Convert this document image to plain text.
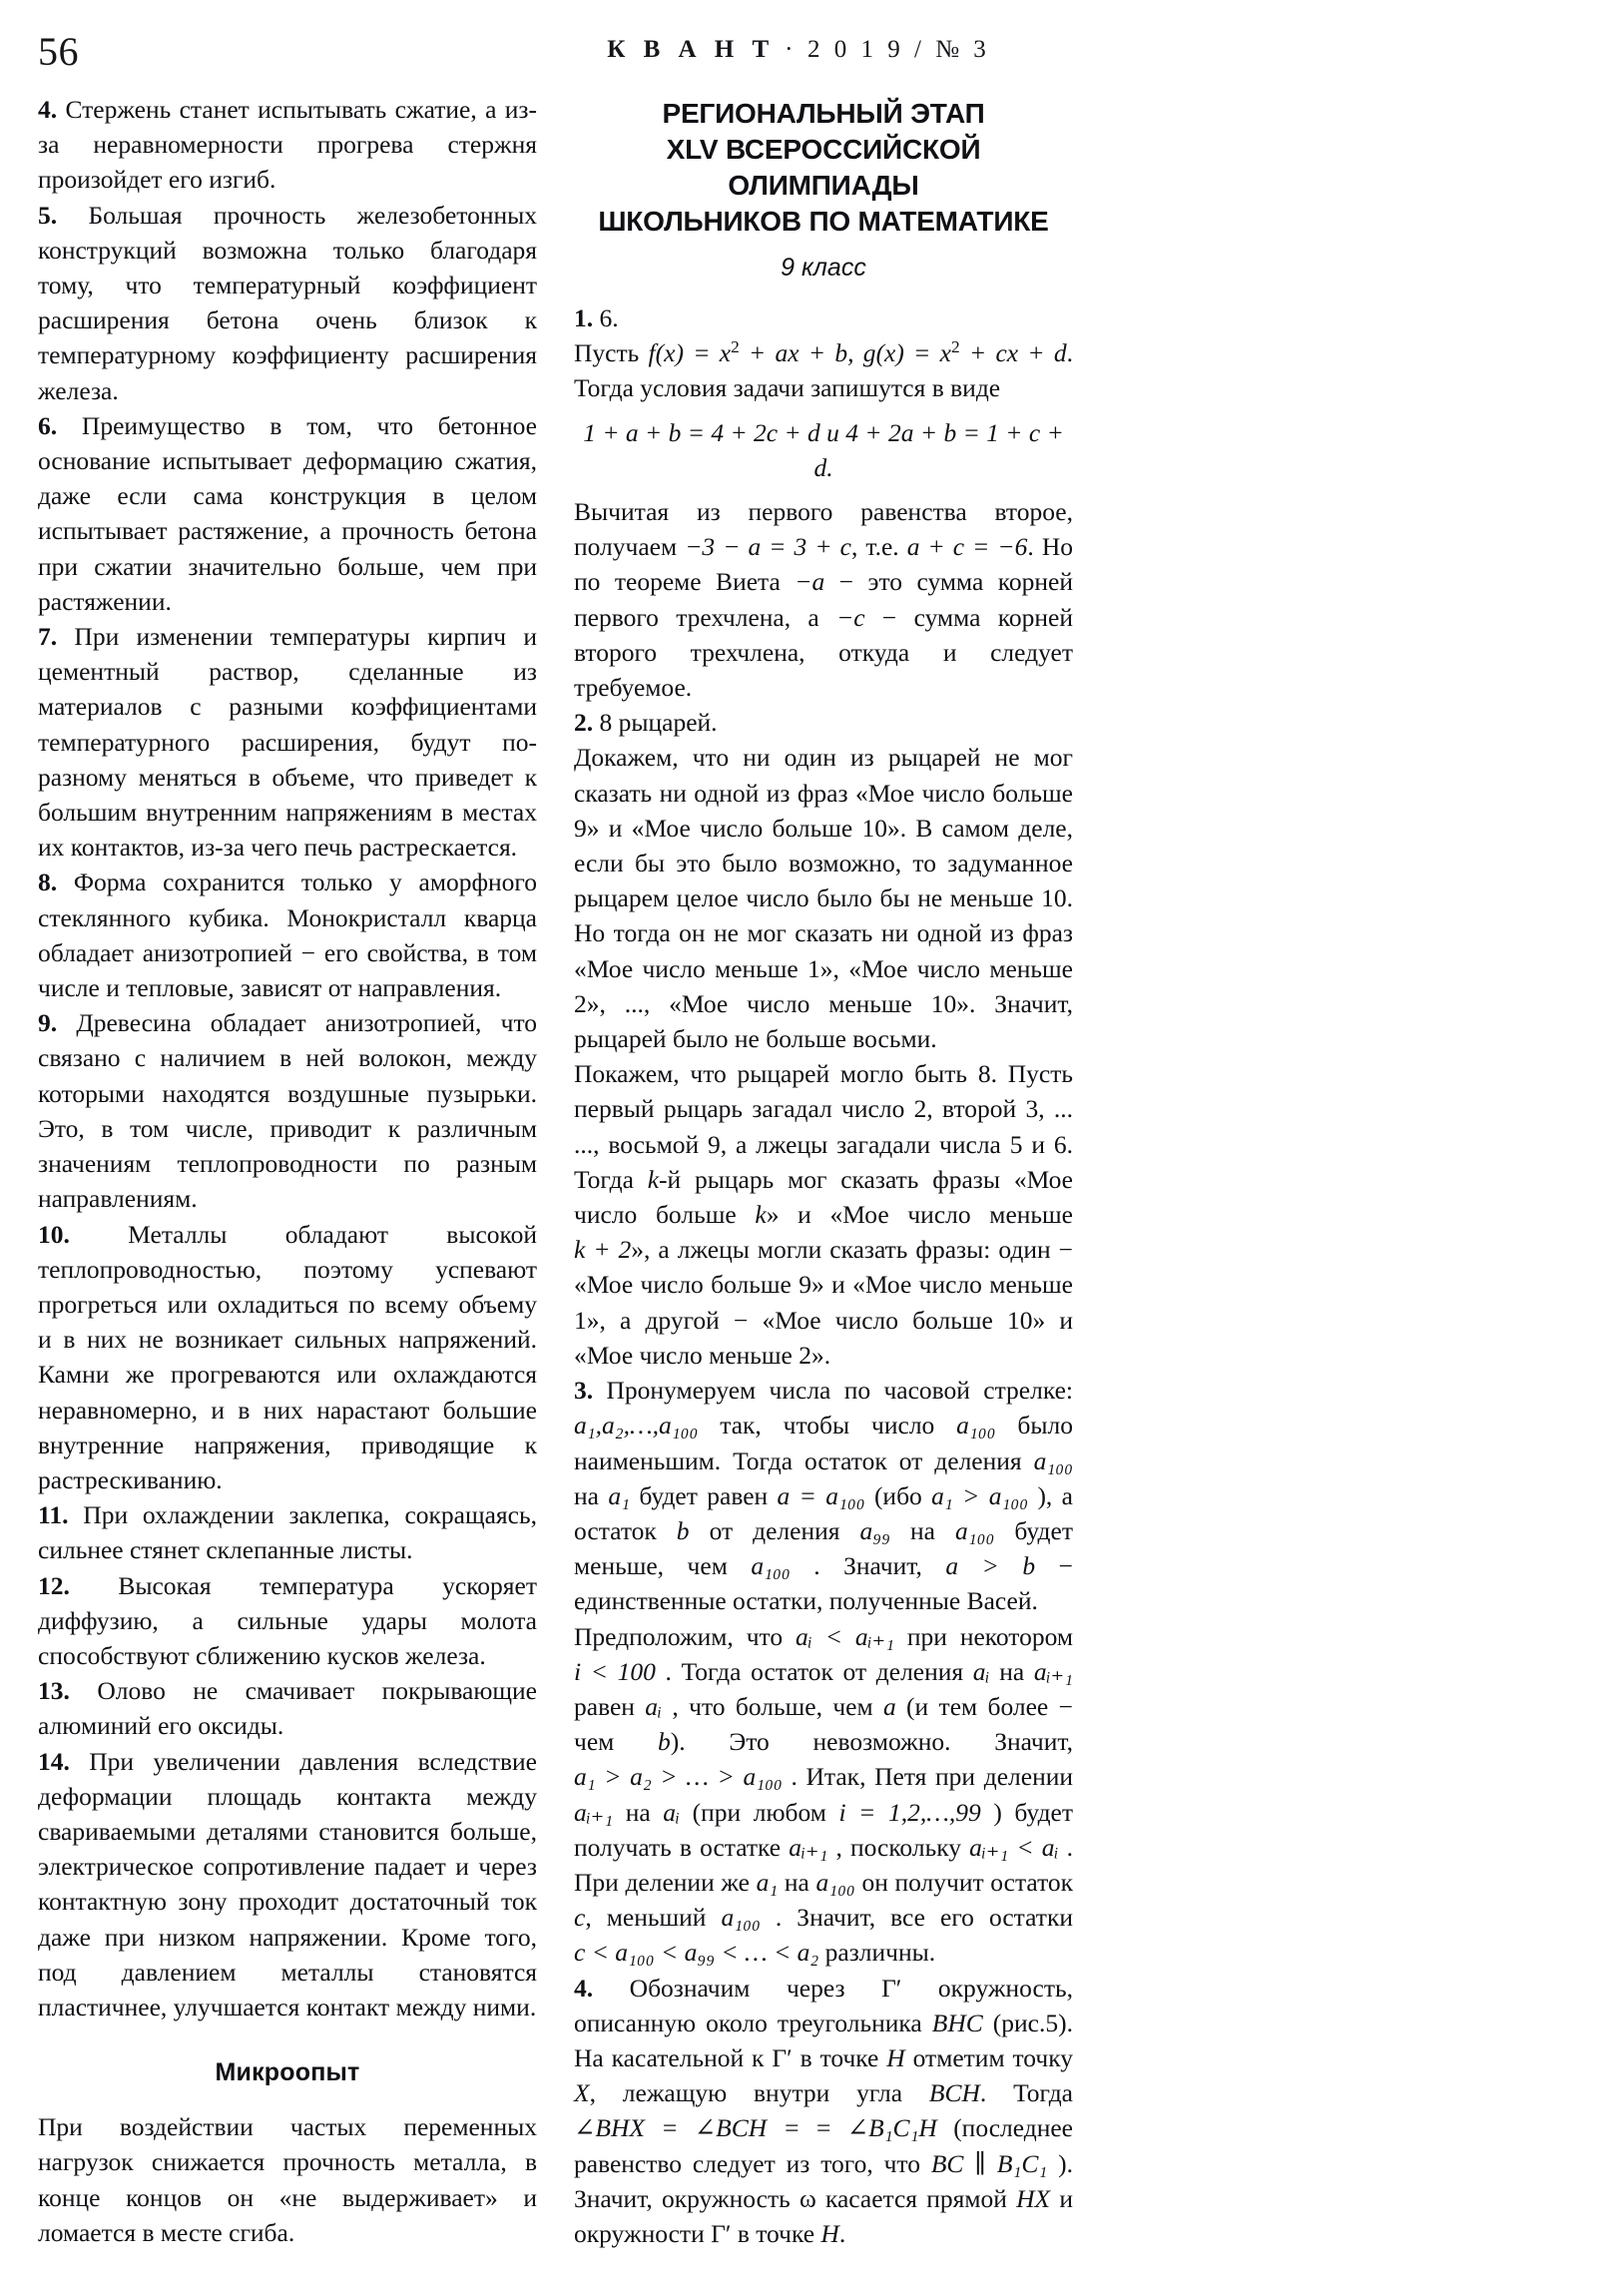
56	К В А Н Т · 2 0 1 9 / № 3

4. Стержень станет испытывать сжатие, а из-за неравномерности прогрева стержня произойдет его изгиб.

5. Большая прочность железобетонных конструкций возможна только благодаря тому, что температурный коэффициент расширения бетона очень близок к температурному коэффициенту расширения железа.

6. Преимущество в том, что бетонное основание испытывает деформацию сжатия, даже если сама конструкция в целом испытывает растяжение, а прочность бетона при сжатии значительно больше, чем при растяжении.

7. При изменении температуры кирпич и цементный раствор, сделанные из материалов с разными коэффициентами температурного расширения, будут по-разному меняться в объеме, что приведет к большим внутренним напряжениям в местах их контактов, из-за чего печь растрескается.

8. Форма сохранится только у аморфного стеклянного кубика. Монокристалл кварца обладает анизотропией − его свойства, в том числе и тепловые, зависят от направления.

9. Древесина обладает анизотропией, что связано с наличием в ней волокон, между которыми находятся воздушные пузырьки. Это, в том числе, приводит к различным значениям теплопроводности по разным направлениям.

10. Металлы обладают высокой теплопроводностью, поэтому успевают прогреться или охладиться по всему объему и в них не возникает сильных напряжений. Камни же прогреваются или охлаждаются неравномерно, и в них нарастают большие внутренние напряжения, приводящие к растрескиванию.

11. При охлаждении заклепка, сокращаясь, сильнее стянет склепанные листы.

12. Высокая температура ускоряет диффузию, а сильные удары молота способствуют сближению кусков железа.

13. Олово не смачивает покрывающие алюминий его оксиды.

14. При увеличении давления вследствие деформации площадь контакта между свариваемыми деталями становится больше, электрическое сопротивление падает и через контактную зону проходит достаточный ток даже при низком напряжении. Кроме того, под давлением металлы становятся пластичнее, улучшается контакт между ними.

Микроопыт

При воздействии частых переменных нагрузок снижается прочность металла, в конце концов он «не выдерживает» и ломается в месте сгиба.

РЕГИОНАЛЬНЫЙ ЭТАП
XLV ВСЕРОССИЙСКОЙ ОЛИМПИАДЫ
ШКОЛЬНИКОВ ПО МАТЕМАТИКЕ
9 класс

1. 6.

Пусть $f(x) = x^2$ + ax + b, $g(x) = x^2$ + cx + d. Тогда условия задачи запишутся в виде

1 + a + b = 4 + 2c + d и 4 + 2a + b = 1 + c + d.

Вычитая из первого равенства второе, получаем −3 − a = 3 + c, т.е. a + c = −6. Но по теореме Виета −a − это сумма корней первого трехчлена, а −c − сумма корней второго трехчлена, откуда и следует требуемое.

2. 8 рыцарей.

Докажем, что ни один из рыцарей не мог сказать ни одной из фраз «Мое число больше 9» и «Мое число больше 10». В самом деле, если бы это было возможно, то задуманное рыцарем целое число было бы не меньше 10. Но тогда он не мог сказать ни одной из фраз «Мое число меньше 1», «Мое число меньше 2», ..., «Мое число меньше 10». Значит, рыцарей было не больше восьми.

Покажем, что рыцарей могло быть 8. Пусть первый рыцарь загадал число 2, второй 3, ... ..., восьмой 9, а лжецы загадали числа 5 и 6. Тогда k-й рыцарь мог сказать фразы «Мое число больше k» и «Мое число меньше k + 2», а лжецы могли сказать фразы: один − «Мое число больше 9» и «Мое число меньше 1», а другой − «Мое число больше 10» и «Мое число меньше 2».

3. Пронумеруем числа по часовой стрелке: a₁,a₂,…,a₁₀₀ так, чтобы число a₁₀₀ было наименьшим. Тогда остаток от деления a₁₀₀ на a₁ будет равен a = a₁₀₀ (ибо a₁ > a₁₀₀ ), а остаток b от деления a₉₉ на a₁₀₀ будет меньше, чем a₁₀₀ . Значит, a > b − единственные остатки, полученные Васей.

Предположим, что aᵢ < aᵢ₊₁ при некотором i < 100 . Тогда остаток от деления aᵢ на aᵢ₊₁ равен aᵢ , что больше, чем a (и тем более − чем b). Это невозможно. Значит, a₁ > a₂ > … > a₁₀₀ . Итак, Петя при делении aᵢ₊₁ на aᵢ (при любом i = 1,2,…,99 ) будет получать в остатке aᵢ₊₁ , поскольку aᵢ₊₁ < aᵢ . При делении же a₁ на a₁₀₀ он получит остаток c, меньший a₁₀₀ . Значит, все его остатки c < a₁₀₀ < a₉₉ < … < a₂ различны.

4. Обозначим через Γ′ окружность, описанную около треугольника BHC (рис.5). На касательной к Γ′ в точке H отметим точку X, лежащую внутри угла BCH. Тогда ∠BHX = ∠BCH = = ∠B₁C₁H (последнее равенство следует из того, что BC ∥ B₁C₁ ). Значит, окружность ω касается прямой HX и окружности Γ′ в точке H.
